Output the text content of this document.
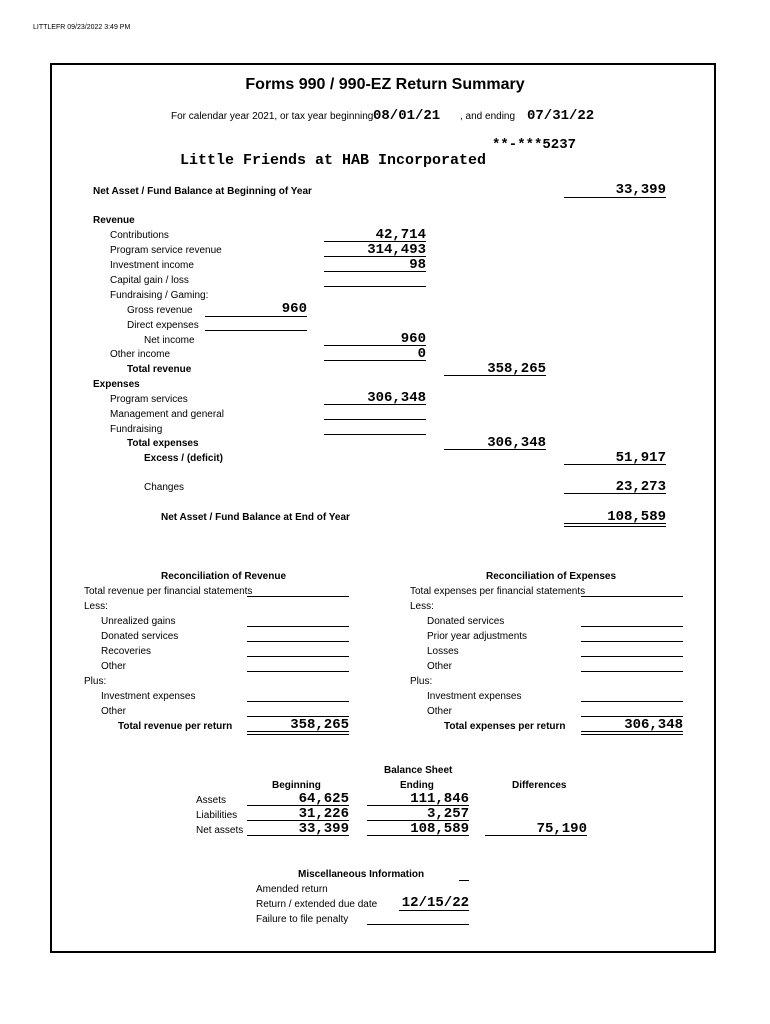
LITTLEFR 09/23/2022 3:49 PM
Forms 990 / 990-EZ Return Summary
For calendar year 2021, or tax year beginning 08/01/21 , and ending 07/31/22
**-***5237
Little Friends at HAB Incorporated
Net Asset / Fund Balance at Beginning of Year	33,399
Revenue
Contributions	42,714
Program service revenue	314,493
Investment income	98
Capital gain / loss
Fundraising / Gaming:
Gross revenue	960
Direct expenses
Net income	960
Other income	0
Total revenue	358,265
Expenses
Program services	306,348
Management and general
Fundraising
Total expenses	306,348
Excess / (deficit)	51,917
Changes	23,273
Net Asset / Fund Balance at End of Year	108,589
Reconciliation of Revenue
Total revenue per financial statements
Less:
Unrealized gains
Donated services
Recoveries
Other
Plus:
Investment expenses
Other
Total revenue per return	358,265
Reconciliation of Expenses
Total expenses per financial statements
Less:
Donated services
Prior year adjustments
Losses
Other
Plus:
Investment expenses
Other
Total expenses per return	306,348
Balance Sheet
Beginning	Ending	Differences
Assets	64,625	111,846
Liabilities	31,226	3,257
Net assets	33,399	108,589	75,190
Miscellaneous Information
Amended return
Return / extended due date	12/15/22
Failure to file penalty
